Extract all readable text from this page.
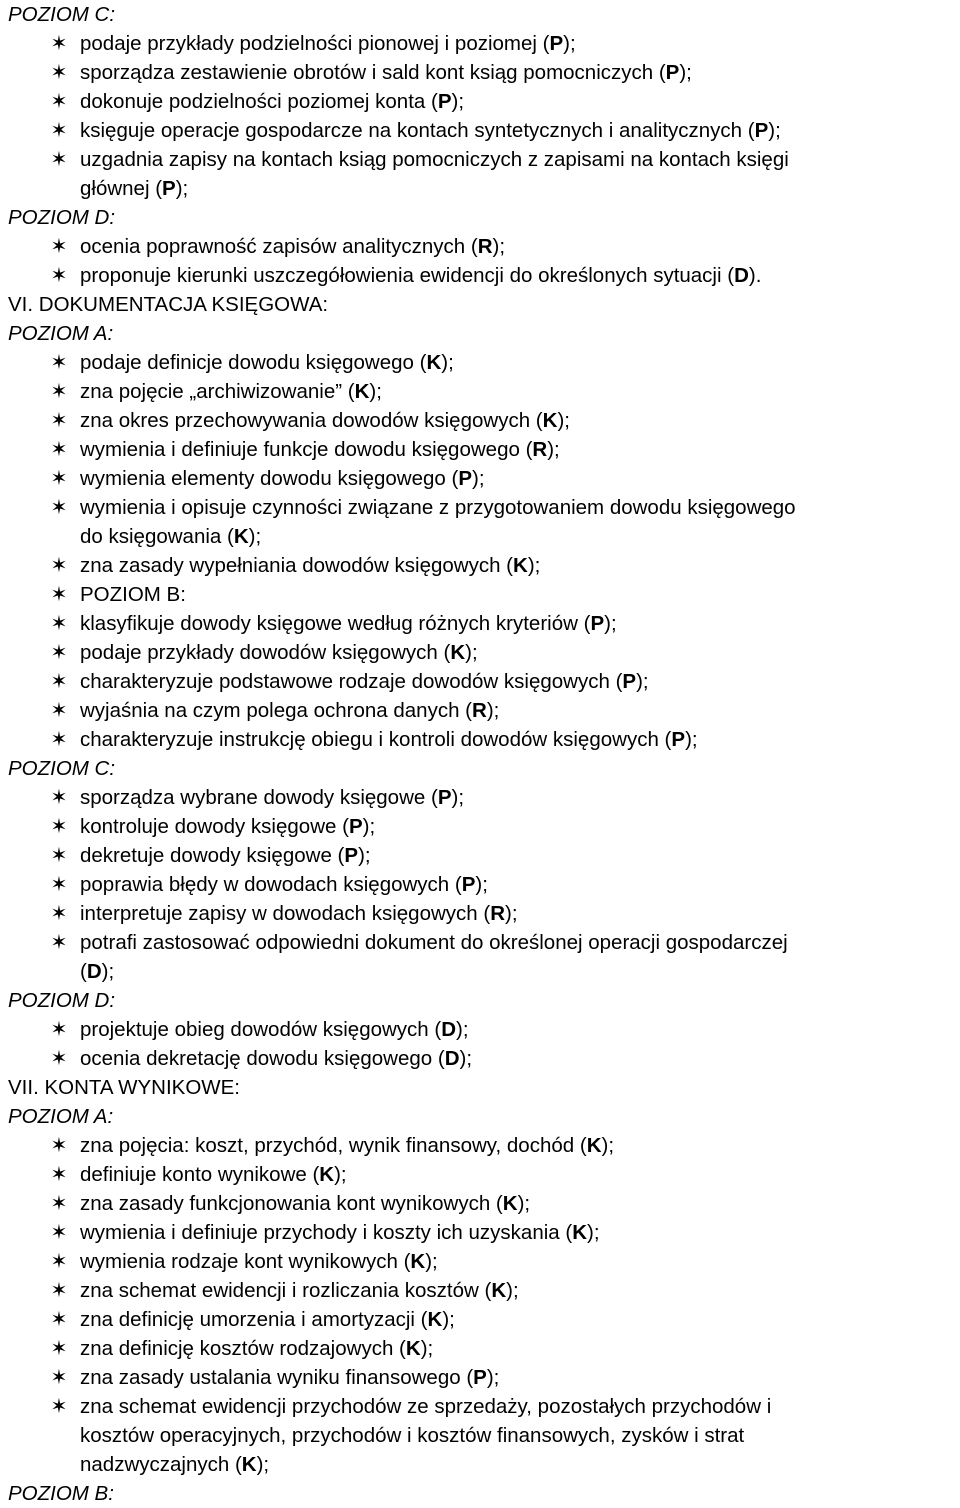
POZIOM C:
✶ podaje przykłady podzielności pionowej i poziomej (P);
✶ sporządza zestawienie obrotów i sald kont ksiąg pomocniczych (P);
✶ dokonuje podzielności poziomej konta (P);
✶ księguje operacje gospodarcze na kontach syntetycznych i analitycznych (P);
✶ uzgadnia zapisy na kontach ksiąg pomocniczych z zapisami na kontach księgi
głównej (P);
POZIOM D:
✶ ocenia poprawność zapisów analitycznych (R);
✶ proponuje kierunki uszczegółowienia ewidencji do określonych sytuacji (D).
VI. DOKUMENTACJA KSIĘGOWA:
POZIOM A:
✶ podaje definicje dowodu księgowego (K);
✶ zna pojęcie „archiwizowanie” (K);
✶ zna okres przechowywania dowodów księgowych (K);
✶ wymienia i definiuje funkcje dowodu księgowego (R);
✶ wymienia elementy dowodu księgowego (P);
✶ wymienia i opisuje czynności związane z przygotowaniem dowodu księgowego
do księgowania (K);
✶ zna zasady wypełniania dowodów księgowych (K);
✶ POZIOM B:
✶ klasyfikuje dowody księgowe według różnych kryteriów (P);
✶ podaje przykłady dowodów księgowych (K);
✶ charakteryzuje podstawowe rodzaje dowodów księgowych (P);
✶ wyjaśnia na czym polega ochrona danych (R);
✶ charakteryzuje instrukcję obiegu i kontroli dowodów księgowych (P);
POZIOM C:
✶ sporządza wybrane dowody księgowe (P);
✶ kontroluje dowody księgowe (P);
✶ dekretuje dowody księgowe (P);
✶ poprawia błędy w dowodach księgowych (P);
✶ interpretuje zapisy w dowodach księgowych (R);
✶ potrafi zastosować odpowiedni dokument do określonej operacji gospodarczej
(D);
POZIOM D:
✶ projektuje obieg dowodów księgowych (D);
✶ ocenia dekretację dowodu księgowego (D);
VII. KONTA WYNIKOWE:
POZIOM A:
✶ zna pojęcia: koszt, przychód, wynik finansowy, dochód (K);
✶ definiuje konto wynikowe (K);
✶ zna zasady funkcjonowania kont wynikowych (K);
✶ wymienia i definiuje przychody i koszty ich uzyskania (K);
✶ wymienia rodzaje kont wynikowych (K);
✶ zna schemat ewidencji i rozliczania kosztów (K);
✶ zna definicję umorzenia i amortyzacji (K);
✶ zna definicję kosztów rodzajowych (K);
✶ zna zasady ustalania wyniku finansowego (P);
✶ zna schemat ewidencji przychodów ze sprzedaży, pozostałych przychodów i
kosztów operacyjnych, przychodów i kosztów finansowych, zysków i strat
nadzwyczajnych (K);
POZIOM B:
